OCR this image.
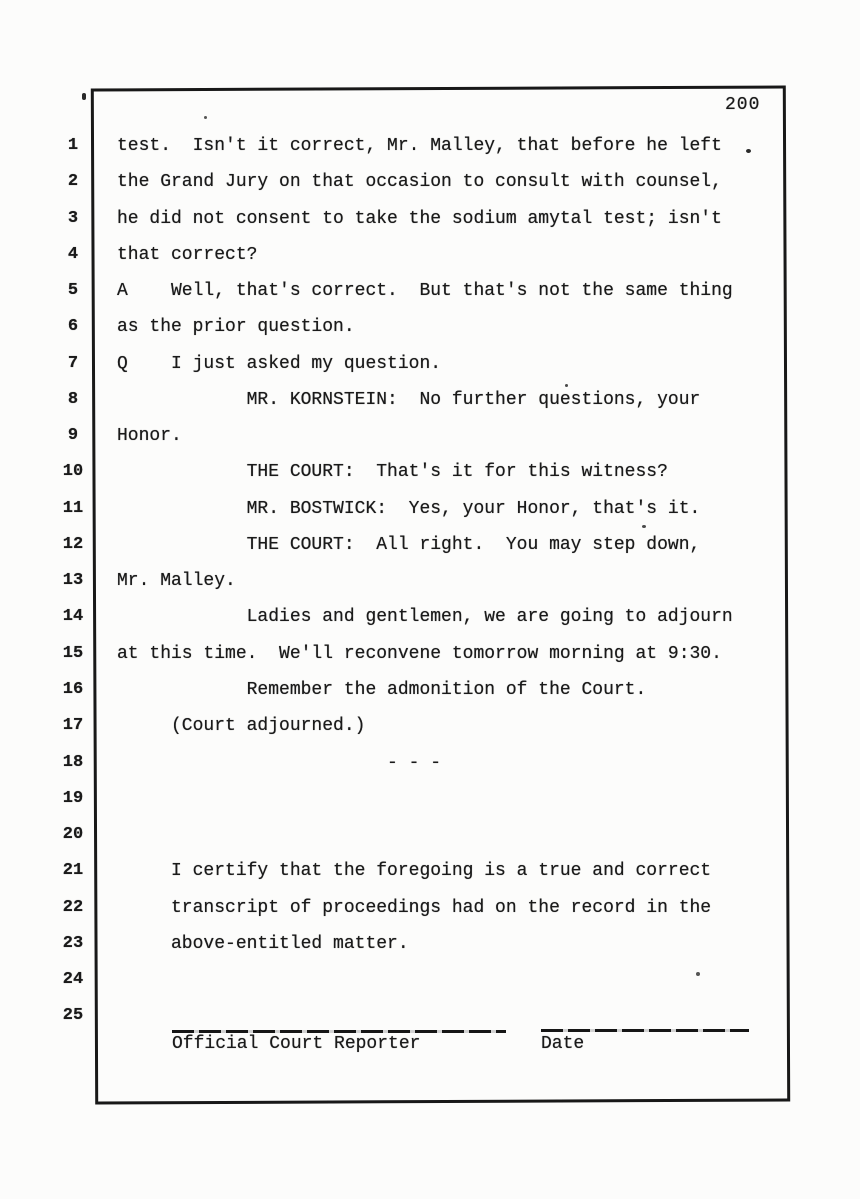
200
1	test.  Isn't it correct, Mr. Malley, that before he left
2	the Grand Jury on that occasion to consult with counsel,
3	he did not consent to take the sodium amytal test; isn't
4	that correct?
5	A    Well, that's correct.  But that's not the same thing
6	as the prior question.
7	Q    I just asked my question.
8	MR. KORNSTEIN:  No further questions, your
9	Honor.
10	THE COURT:  That's it for this witness?
11	MR. BOSTWICK:  Yes, your Honor, that's it.
12	THE COURT:  All right.  You may step down,
13	Mr. Malley.
14	Ladies and gentlemen, we are going to adjourn
15	at this time.  We'll reconvene tomorrow morning at 9:30.
16	Remember the admonition of the Court.
17	(Court adjourned.)
18	- - -
19
20
21	I certify that the foregoing is a true and correct
22	transcript of proceedings had on the record in the
23	above-entitled matter.
24
25
Official Court Reporter	Date
